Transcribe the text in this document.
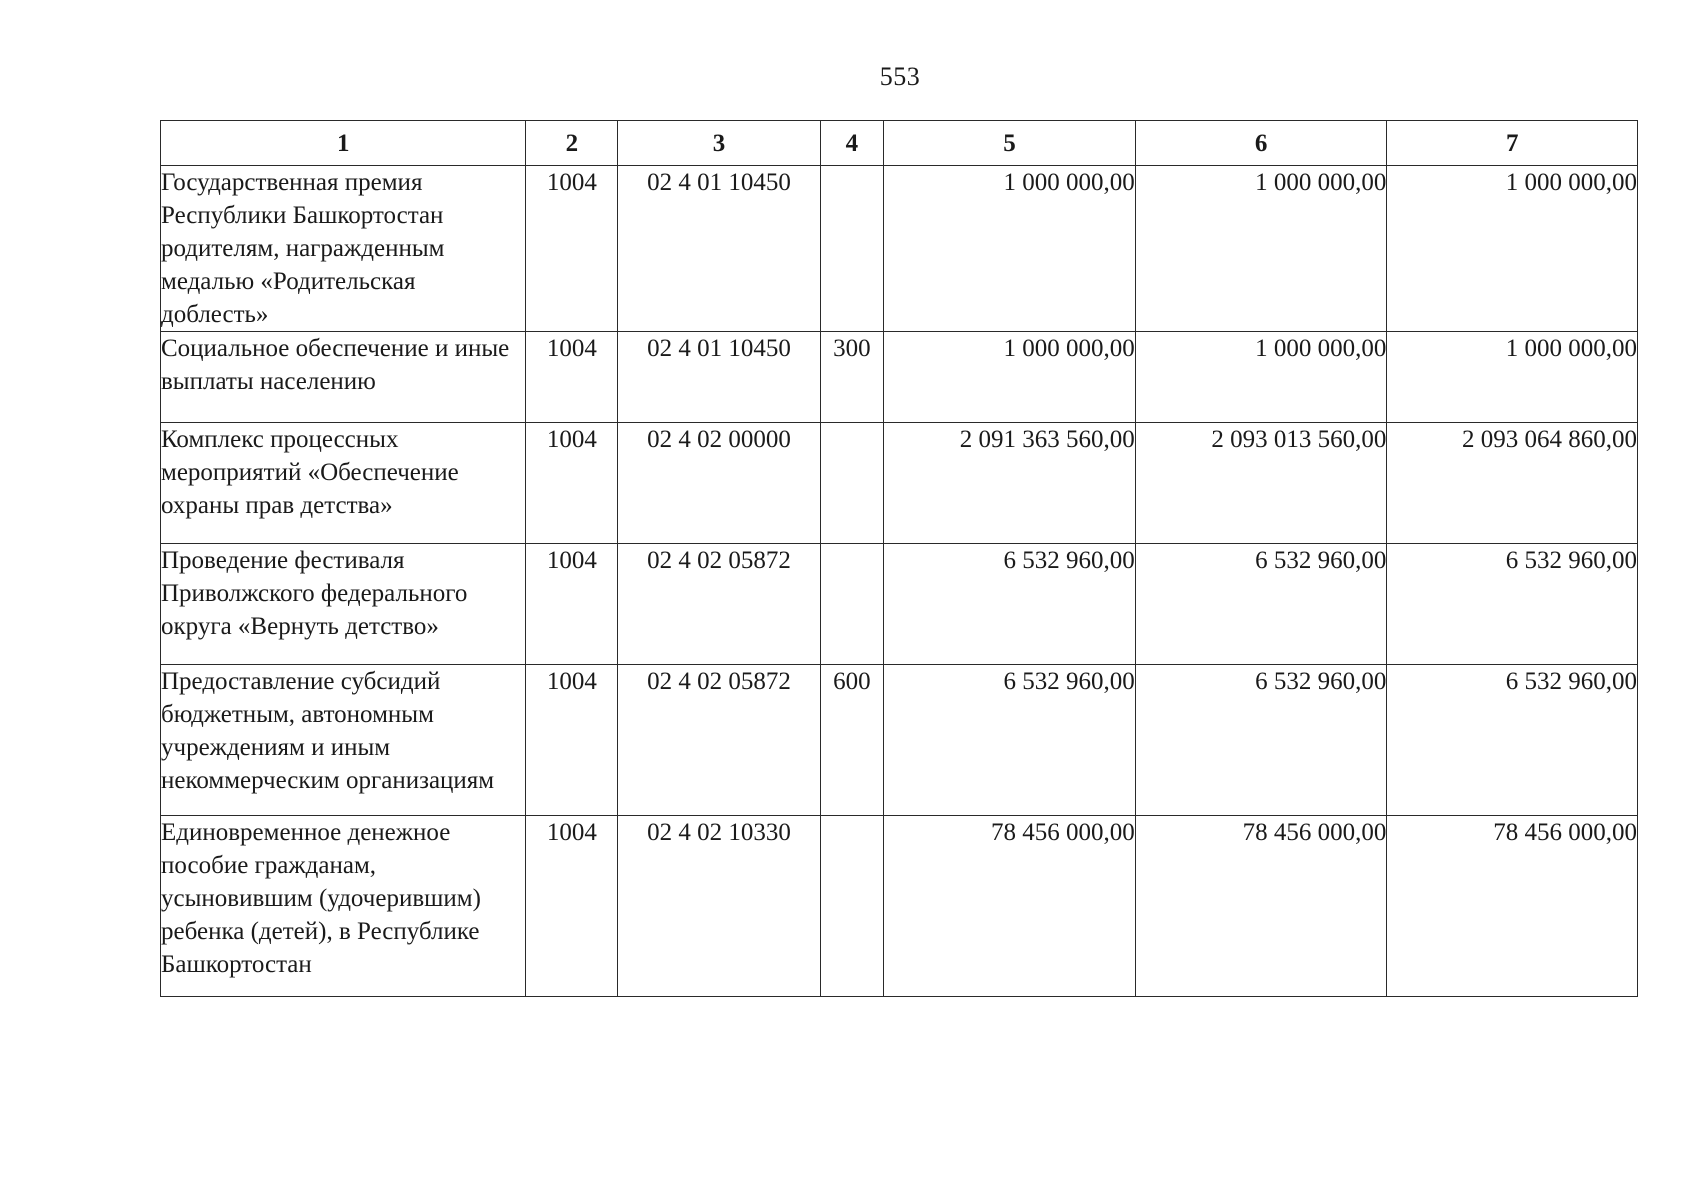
553
1	2	3	4	5	6	7
Государственная премия Республики Башкортостан родителям, награжденным медалью «Родительская доблесть»	1004	02 4 01 10450		1 000 000,00	1 000 000,00	1 000 000,00
Социальное обеспечение и иные выплаты населению	1004	02 4 01 10450	300	1 000 000,00	1 000 000,00	1 000 000,00
Комплекс процессных мероприятий «Обеспечение охраны прав детства»	1004	02 4 02 00000		2 091 363 560,00	2 093 013 560,00	2 093 064 860,00
Проведение фестиваля Приволжского федерального округа «Вернуть детство»	1004	02 4 02 05872		6 532 960,00	6 532 960,00	6 532 960,00
Предоставление субсидий бюджетным, автономным учреждениям и иным некоммерческим организациям	1004	02 4 02 05872	600	6 532 960,00	6 532 960,00	6 532 960,00
Единовременное денежное пособие гражданам, усыновившим (удочерившим) ребенка (детей), в Республике Башкортостан	1004	02 4 02 10330		78 456 000,00	78 456 000,00	78 456 000,00
